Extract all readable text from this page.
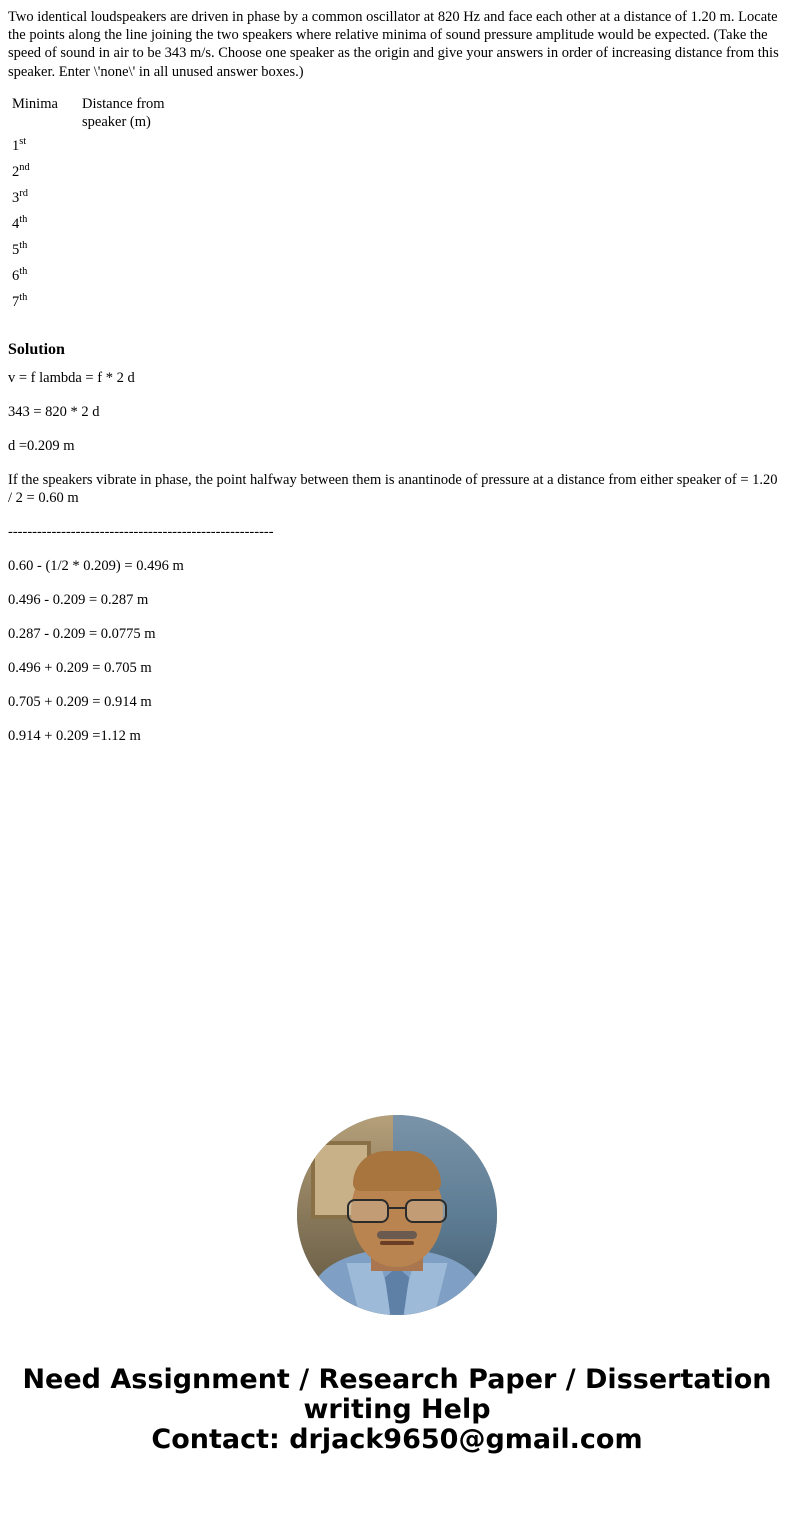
Two identical loudspeakers are driven in phase by a common oscillator at 820 Hz and face each other at a distance of 1.20 m. Locate the points along the line joining the two speakers where relative minima of sound pressure amplitude would be expected. (Take the speed of sound in air to be 343 m/s. Choose one speaker as the origin and give your answers in order of increasing distance from this speaker. Enter \'none\' in all unused answer boxes.)

Minima	Distance from speaker (m)
1st	
2nd	
3rd	
4th	
5th	
6th	
7th	
Solution

v = f lambda = f * 2 d

343 = 820 * 2 d

d =0.209 m

If the speakers vibrate in phase, the point halfway between them is anantinode of pressure at a distance from either speaker of = 1.20 / 2 = 0.60 m

-------------------------------------------------------

0.60 - (1/2 * 0.209) = 0.496 m

0.496 - 0.209 = 0.287 m

0.287 - 0.209 = 0.0775 m

0.496 + 0.209 = 0.705 m

0.705 + 0.209 = 0.914 m

0.914 + 0.209 =1.12 m

Need Assignment / Research Paper / Dissertation
writing Help
Contact: drjack9650@gmail.com
